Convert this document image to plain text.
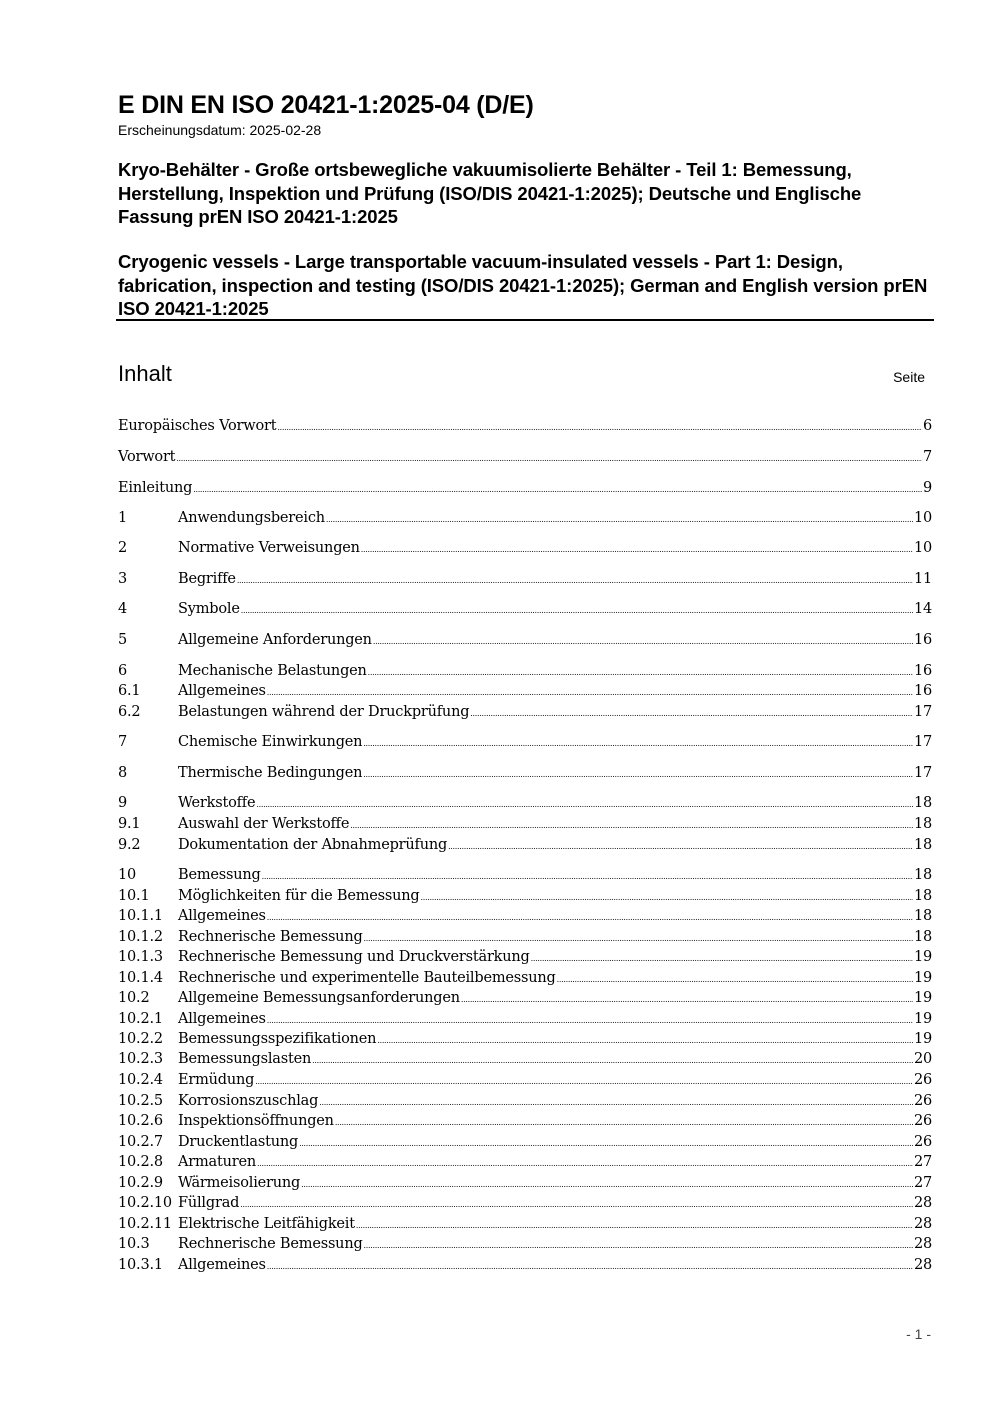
E DIN EN ISO 20421-1:2025-04 (D/E)
Erscheinungsdatum: 2025-02-28
Kryo-Behälter - Große ortsbewegliche vakuumisolierte Behälter - Teil 1: Bemessung, Herstellung, Inspektion und Prüfung (ISO/DIS 20421-1:2025); Deutsche und Englische Fassung prEN ISO 20421-1:2025
Cryogenic vessels - Large transportable vacuum-insulated vessels - Part 1: Design, fabrication, inspection and testing (ISO/DIS 20421-1:2025); German and English version prEN ISO 20421-1:2025
Inhalt	Seite
Europäisches Vorwort .....	6
Vorwort .....	7
Einleitung .....	9
1	Anwendungsbereich .....	10
2	Normative Verweisungen .....	10
3	Begriffe .....	11
4	Symbole .....	14
5	Allgemeine Anforderungen .....	16
6	Mechanische Belastungen .....	16
6.1	Allgemeines .....	16
6.2	Belastungen während der Druckprüfung .....	17
7	Chemische Einwirkungen .....	17
8	Thermische Bedingungen .....	17
9	Werkstoffe .....	18
9.1	Auswahl der Werkstoffe .....	18
9.2	Dokumentation der Abnahmeprüfung .....	18
10	Bemessung .....	18
10.1	Möglichkeiten für die Bemessung .....	18
10.1.1	Allgemeines .....	18
10.1.2	Rechnerische Bemessung .....	18
10.1.3	Rechnerische Bemessung und Druckverstärkung .....	19
10.1.4	Rechnerische und experimentelle Bauteilbemessung .....	19
10.2	Allgemeine Bemessungsanforderungen .....	19
10.2.1	Allgemeines .....	19
10.2.2	Bemessungsspezifikationen .....	19
10.2.3	Bemessungslasten .....	20
10.2.4	Ermüdung .....	26
10.2.5	Korrosionszuschlag .....	26
10.2.6	Inspektionsöffnungen .....	26
10.2.7	Druckentlastung .....	26
10.2.8	Armaturen .....	27
10.2.9	Wärmeisolierung .....	27
10.2.10 Füllgrad .....	28
10.2.11 Elektrische Leitfähigkeit .....	28
10.3	Rechnerische Bemessung .....	28
10.3.1	Allgemeines .....	28
- 1 -
